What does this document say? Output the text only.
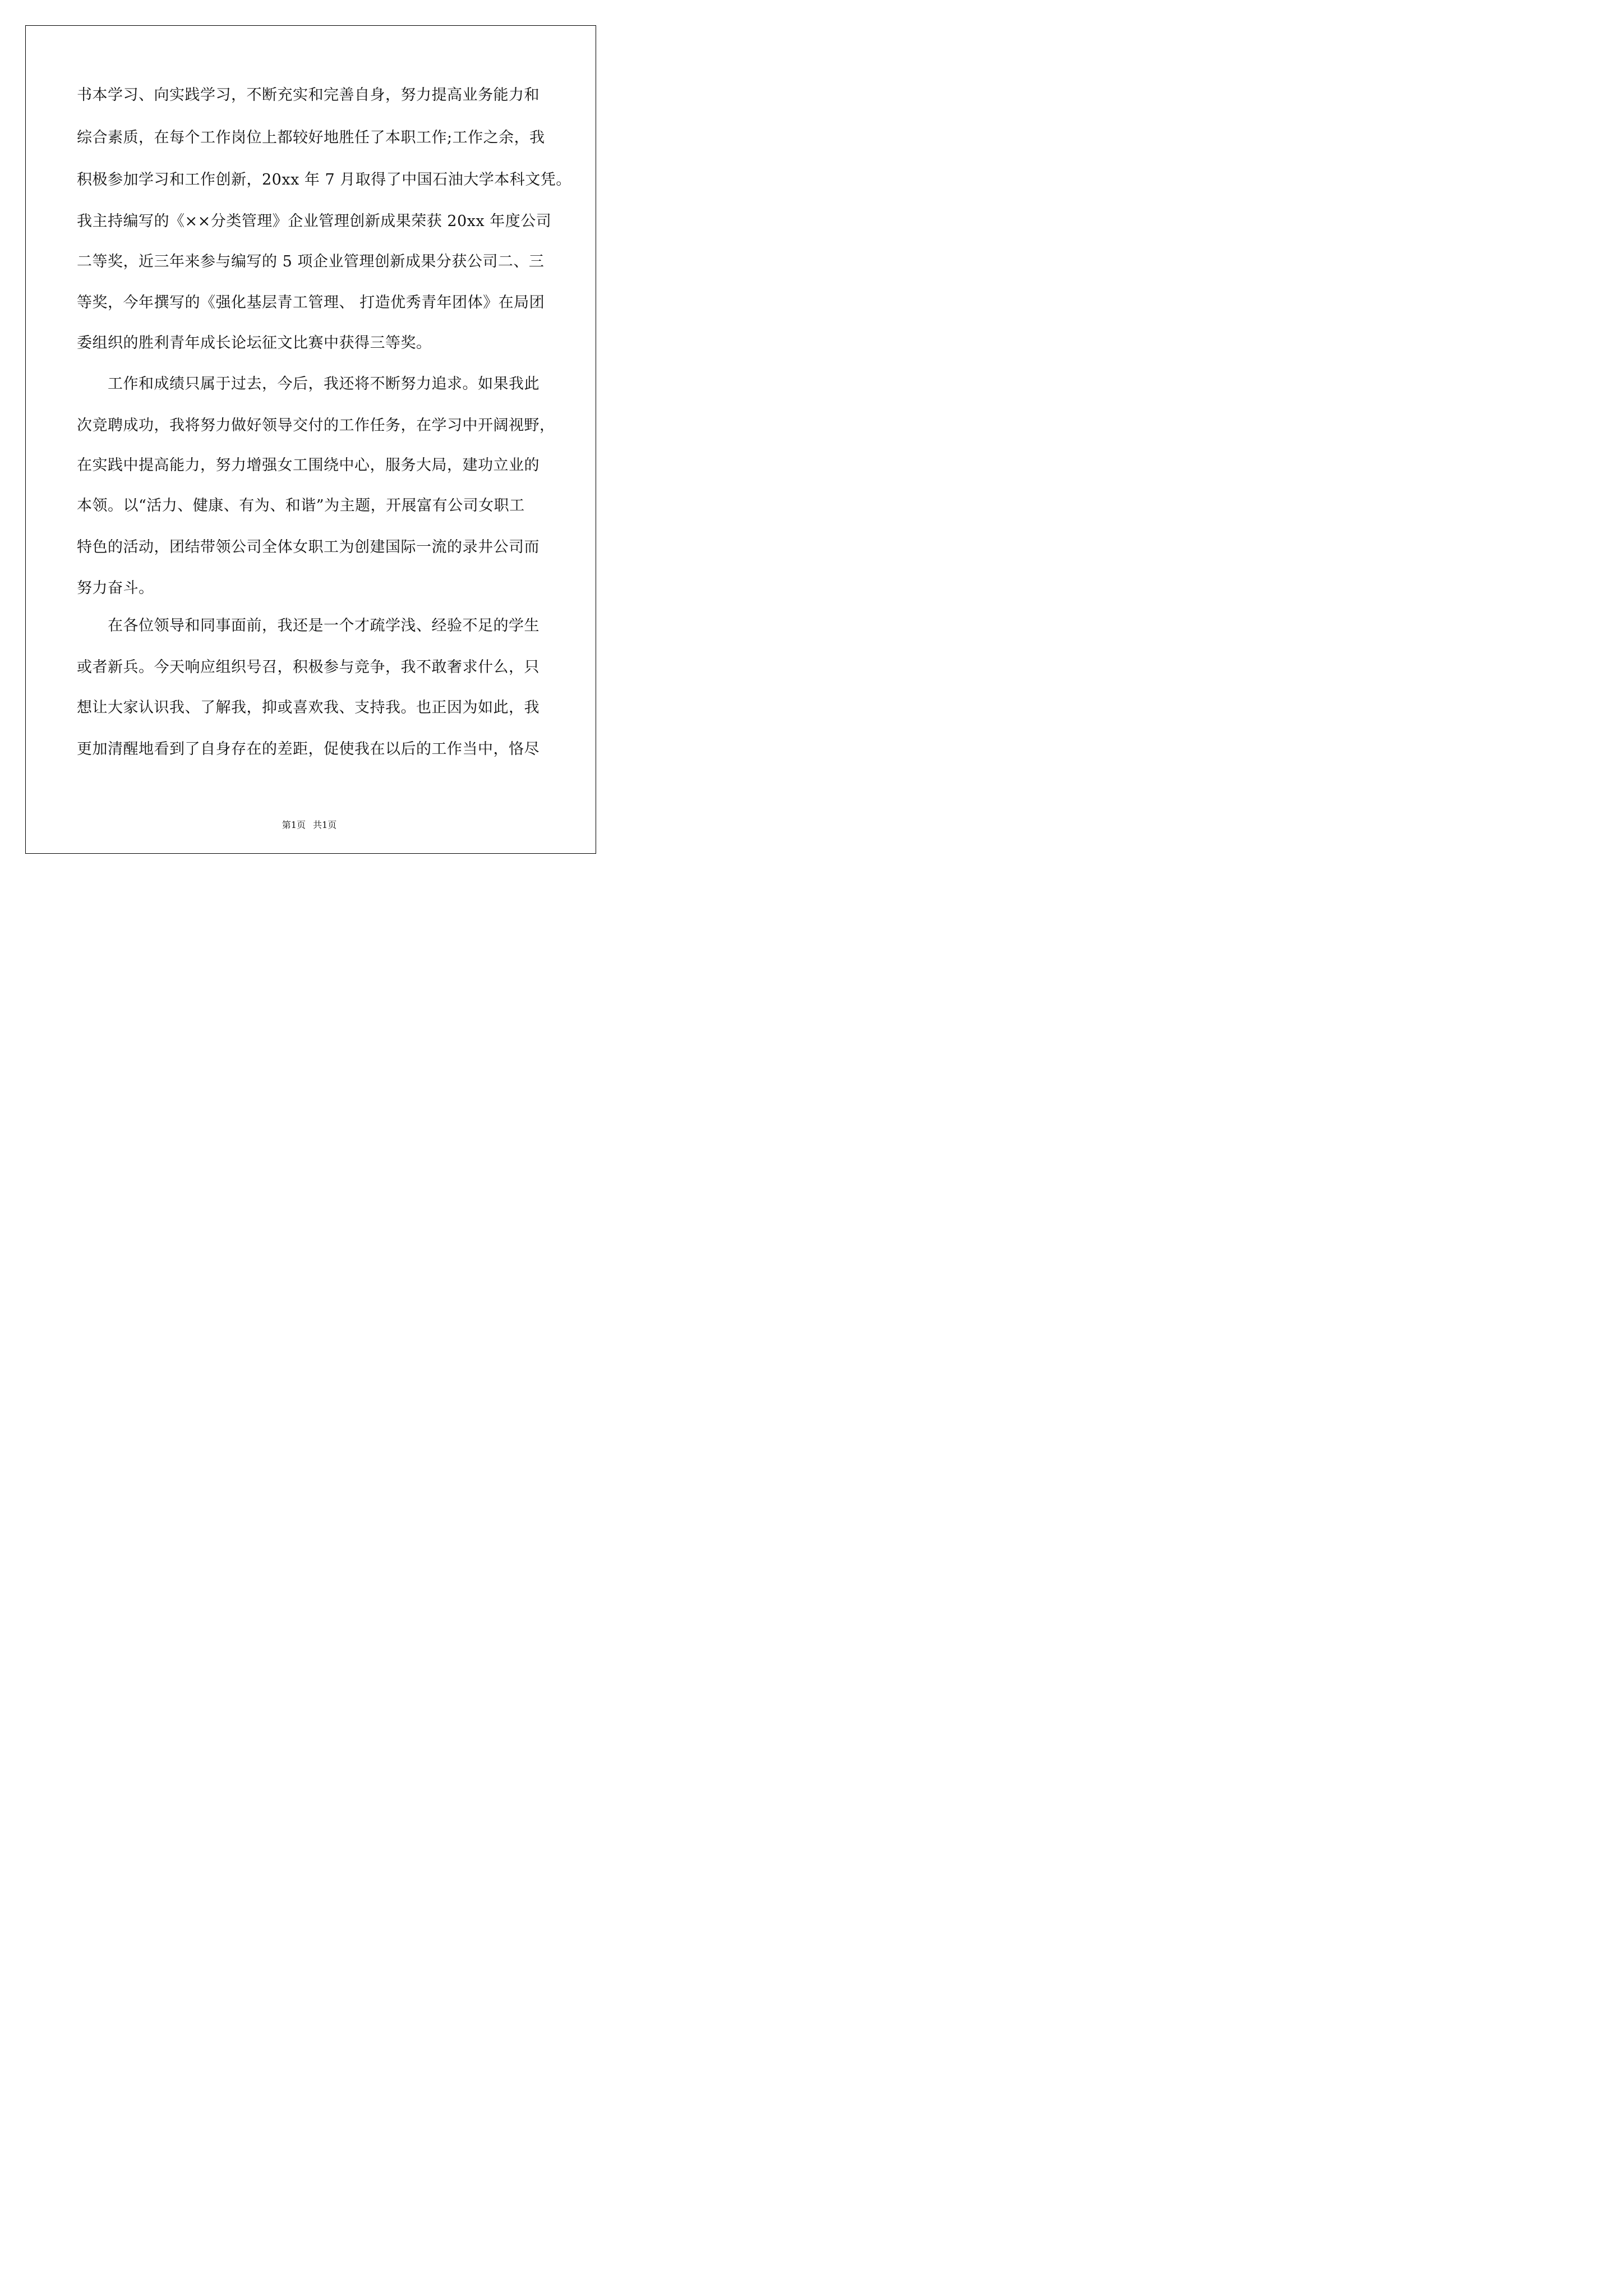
书本学习、向实践学习，不断充实和完善自身，努力提高业务能力和
综合素质，在每个工作岗位上都较好地胜任了本职工作;工作之余，我
积极参加学习和工作创新，20xx 年 7 月取得了中国石油大学本科文凭。
我主持编写的《××分类管理》企业管理创新成果荣获 20xx 年度公司
二等奖，近三年来参与编写的 5 项企业管理创新成果分获公司二、三
等奖，今年撰写的《强化基层青工管理、 打造优秀青年团体》在局团
委组织的胜利青年成长论坛征文比赛中获得三等奖。
工作和成绩只属于过去，今后，我还将不断努力追求。如果我此
次竞聘成功，我将努力做好领导交付的工作任务，在学习中开阔视野，
在实践中提高能力，努力增强女工围绕中心，服务大局，建功立业的
本领。以“活力、健康、有为、和谐”为主题，开展富有公司女职工
特色的活动，团结带领公司全体女职工为创建国际一流的录井公司而
努力奋斗。
在各位领导和同事面前，我还是一个才疏学浅、经验不足的学生
或者新兵。今天响应组织号召，积极参与竞争，我不敢奢求什么，只
想让大家认识我、了解我，抑或喜欢我、支持我。也正因为如此，我
更加清醒地看到了自身存在的差距，促使我在以后的工作当中，恪尽
第1页 共1页
